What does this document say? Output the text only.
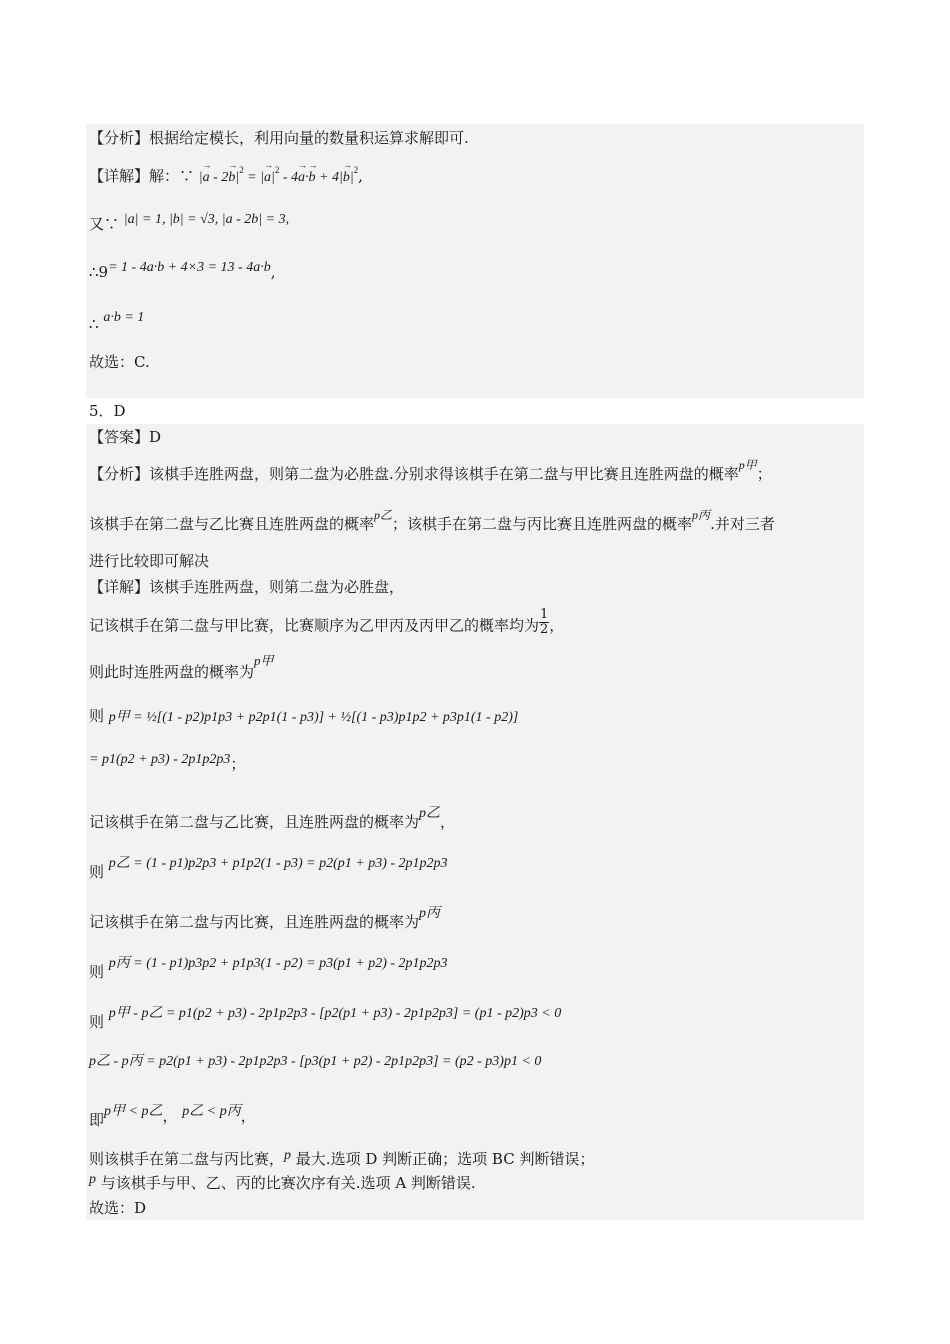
【分析】根据给定模长，利用向量的数量积运算求解即可.
【详解】解：∵ |→ $a - 2\to b|^2$ = |→ $a|^2 - 4\to a\cdot\to b + 4|\to b|^2$,
又∵ |a| = 1, |b| = √3, |a - 2b| = 3,
∴9= 1 - 4a·b + 4×3 = 13 - 4a·b,
∴ a·b = 1
故选：C.
5．D
【答案】D
【分析】该棋手连胜两盘，则第二盘为必胜盘.分别求得该棋手在第二盘与甲比赛且连胜两盘的概率$^{p甲}$；
该棋手在第二盘与乙比赛且连胜两盘的概率$^{p乙}$；该棋手在第二盘与丙比赛且连胜两盘的概率$^{p丙}$.并对三者
进行比较即可解决
【详解】该棋手连胜两盘，则第二盘为必胜盘，
记该棋手在第二盘与甲比赛，比赛顺序为乙甲丙及丙甲乙的概率均为 $\frac{1}{2}$ ，
则此时连胜两盘的概率为p甲
则 p甲 = ½[(1 - p2)p1p3 + p2p1(1 - p3)] + ½[(1 - p3)p1p2 + p3p1(1 - p2)]
= p1(p2 + p3) - 2p1p2p3；
记该棋手在第二盘与乙比赛，且连胜两盘的概率为p乙，
则 p乙 = (1 - p1)p2p3 + p1p2(1 - p3) = p2(p1 + p3) - 2p1p2p3
记该棋手在第二盘与丙比赛，且连胜两盘的概率为p丙
则 p丙 = (1 - p1)p3p2 + p1p3(1 - p2) = p3(p1 + p2) - 2p1p2p3
则 p甲 - p乙 = p1(p2 + p3) - 2p1p2p3 - [p2(p1 + p3) - 2p1p2p3] = (p1 - p2)p3 < 0
p乙 - p丙 = p2(p1 + p3) - 2p1p2p3 - [p3(p1 + p2) - 2p1p2p3] = (p2 - p3)p1 < 0
即p甲 < p乙， p乙 < p丙，
则该棋手在第二盘与丙比赛，p 最大.选项 D 判断正确；选项 BC 判断错误；
p 与该棋手与甲、乙、丙的比赛次序有关.选项 A 判断错误.
故选：D
